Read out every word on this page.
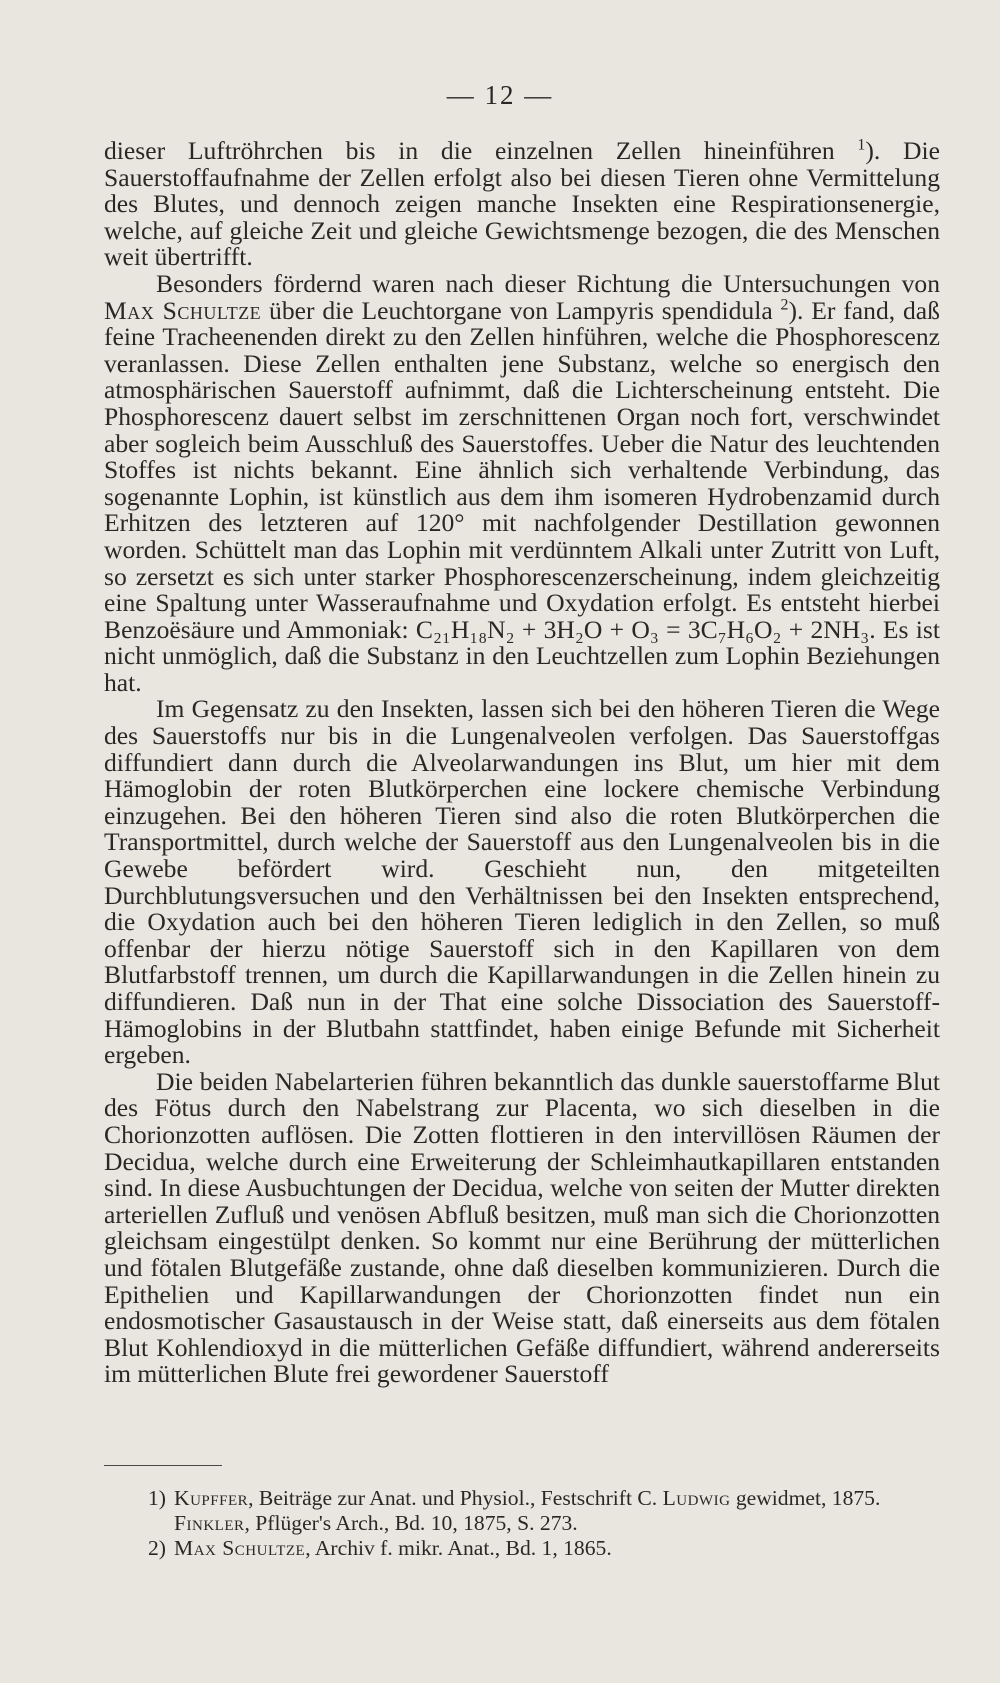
— 12 —

dieser Luftröhrchen bis in die einzelnen Zellen hineinführen $^1$). Die Sauerstoffaufnahme der Zellen erfolgt also bei diesen Tieren ohne Vermittelung des Blutes, und dennoch zeigen manche Insekten eine Respirationsenergie, welche, auf gleiche Zeit und gleiche Gewichtsmenge bezogen, die des Menschen weit übertrifft.

Besonders fördernd waren nach dieser Richtung die Untersuchungen von Max Schultze über die Leuchtorgane von Lampyris spendidula $^2$). Er fand, daß feine Tracheenenden direkt zu den Zellen hinführen, welche die Phosphorescenz veranlassen. Diese Zellen enthalten jene Substanz, welche so energisch den atmosphärischen Sauerstoff aufnimmt, daß die Lichterscheinung entsteht. Die Phosphorescenz dauert selbst im zerschnittenen Organ noch fort, verschwindet aber sogleich beim Ausschluß des Sauerstoffes. Ueber die Natur des leuchtenden Stoffes ist nichts bekannt. Eine ähnlich sich verhaltende Verbindung, das sogenannte Lophin, ist künstlich aus dem ihm isomeren Hydrobenzamid durch Erhitzen des letzteren auf 120° mit nachfolgender Destillation gewonnen worden. Schüttelt man das Lophin mit verdünntem Alkali unter Zutritt von Luft, so zersetzt es sich unter starker Phosphorescenzerscheinung, indem gleichzeitig eine Spaltung unter Wasseraufnahme und Oxydation erfolgt. Es entsteht hierbei Benzoësäure und Ammoniak: C₂₁H₁₈N₂ + 3H₂O + O₃ = 3C₇H₆O₂ + 2NH₃. Es ist nicht unmöglich, daß die Substanz in den Leuchtzellen zum Lophin Beziehungen hat.

Im Gegensatz zu den Insekten, lassen sich bei den höheren Tieren die Wege des Sauerstoffs nur bis in die Lungenalveolen verfolgen. Das Sauerstoffgas diffundiert dann durch die Alveolarwandungen ins Blut, um hier mit dem Hämoglobin der roten Blutkörperchen eine lockere chemische Verbindung einzugehen. Bei den höheren Tieren sind also die roten Blutkörperchen die Transportmittel, durch welche der Sauerstoff aus den Lungenalveolen bis in die Gewebe befördert wird. Geschieht nun, den mitgeteilten Durchblutungsversuchen und den Verhältnissen bei den Insekten entsprechend, die Oxydation auch bei den höheren Tieren lediglich in den Zellen, so muß offenbar der hierzu nötige Sauerstoff sich in den Kapillaren von dem Blutfarbstoff trennen, um durch die Kapillarwandungen in die Zellen hinein zu diffundieren. Daß nun in der That eine solche Dissociation des Sauerstoff-Hämoglobins in der Blutbahn stattfindet, haben einige Befunde mit Sicherheit ergeben.

Die beiden Nabelarterien führen bekanntlich das dunkle sauerstoffarme Blut des Fötus durch den Nabelstrang zur Placenta, wo sich dieselben in die Chorionzotten auflösen. Die Zotten flottieren in den intervillösen Räumen der Decidua, welche durch eine Erweiterung der Schleimhautkapillaren entstanden sind. In diese Ausbuchtungen der Decidua, welche von seiten der Mutter direkten arteriellen Zufluß und venösen Abfluß besitzen, muß man sich die Chorionzotten gleichsam eingestülpt denken. So kommt nur eine Berührung der mütterlichen und fötalen Blutgefäße zustande, ohne daß dieselben kommunizieren. Durch die Epithelien und Kapillarwandungen der Chorionzotten findet nun ein endosmotischer Gasaustausch in der Weise statt, daß einerseits aus dem fötalen Blut Kohlendioxyd in die mütterlichen Gefäße diffundiert, während andererseits im mütterlichen Blute frei gewordener Sauerstoff

1) Kupffer, Beiträge zur Anat. und Physiol., Festschrift C. Ludwig gewidmet, 1875. Finkler, Pflüger's Arch., Bd. 10, 1875, S. 273.

2) Max Schultze, Archiv f. mikr. Anat., Bd. 1, 1865.
